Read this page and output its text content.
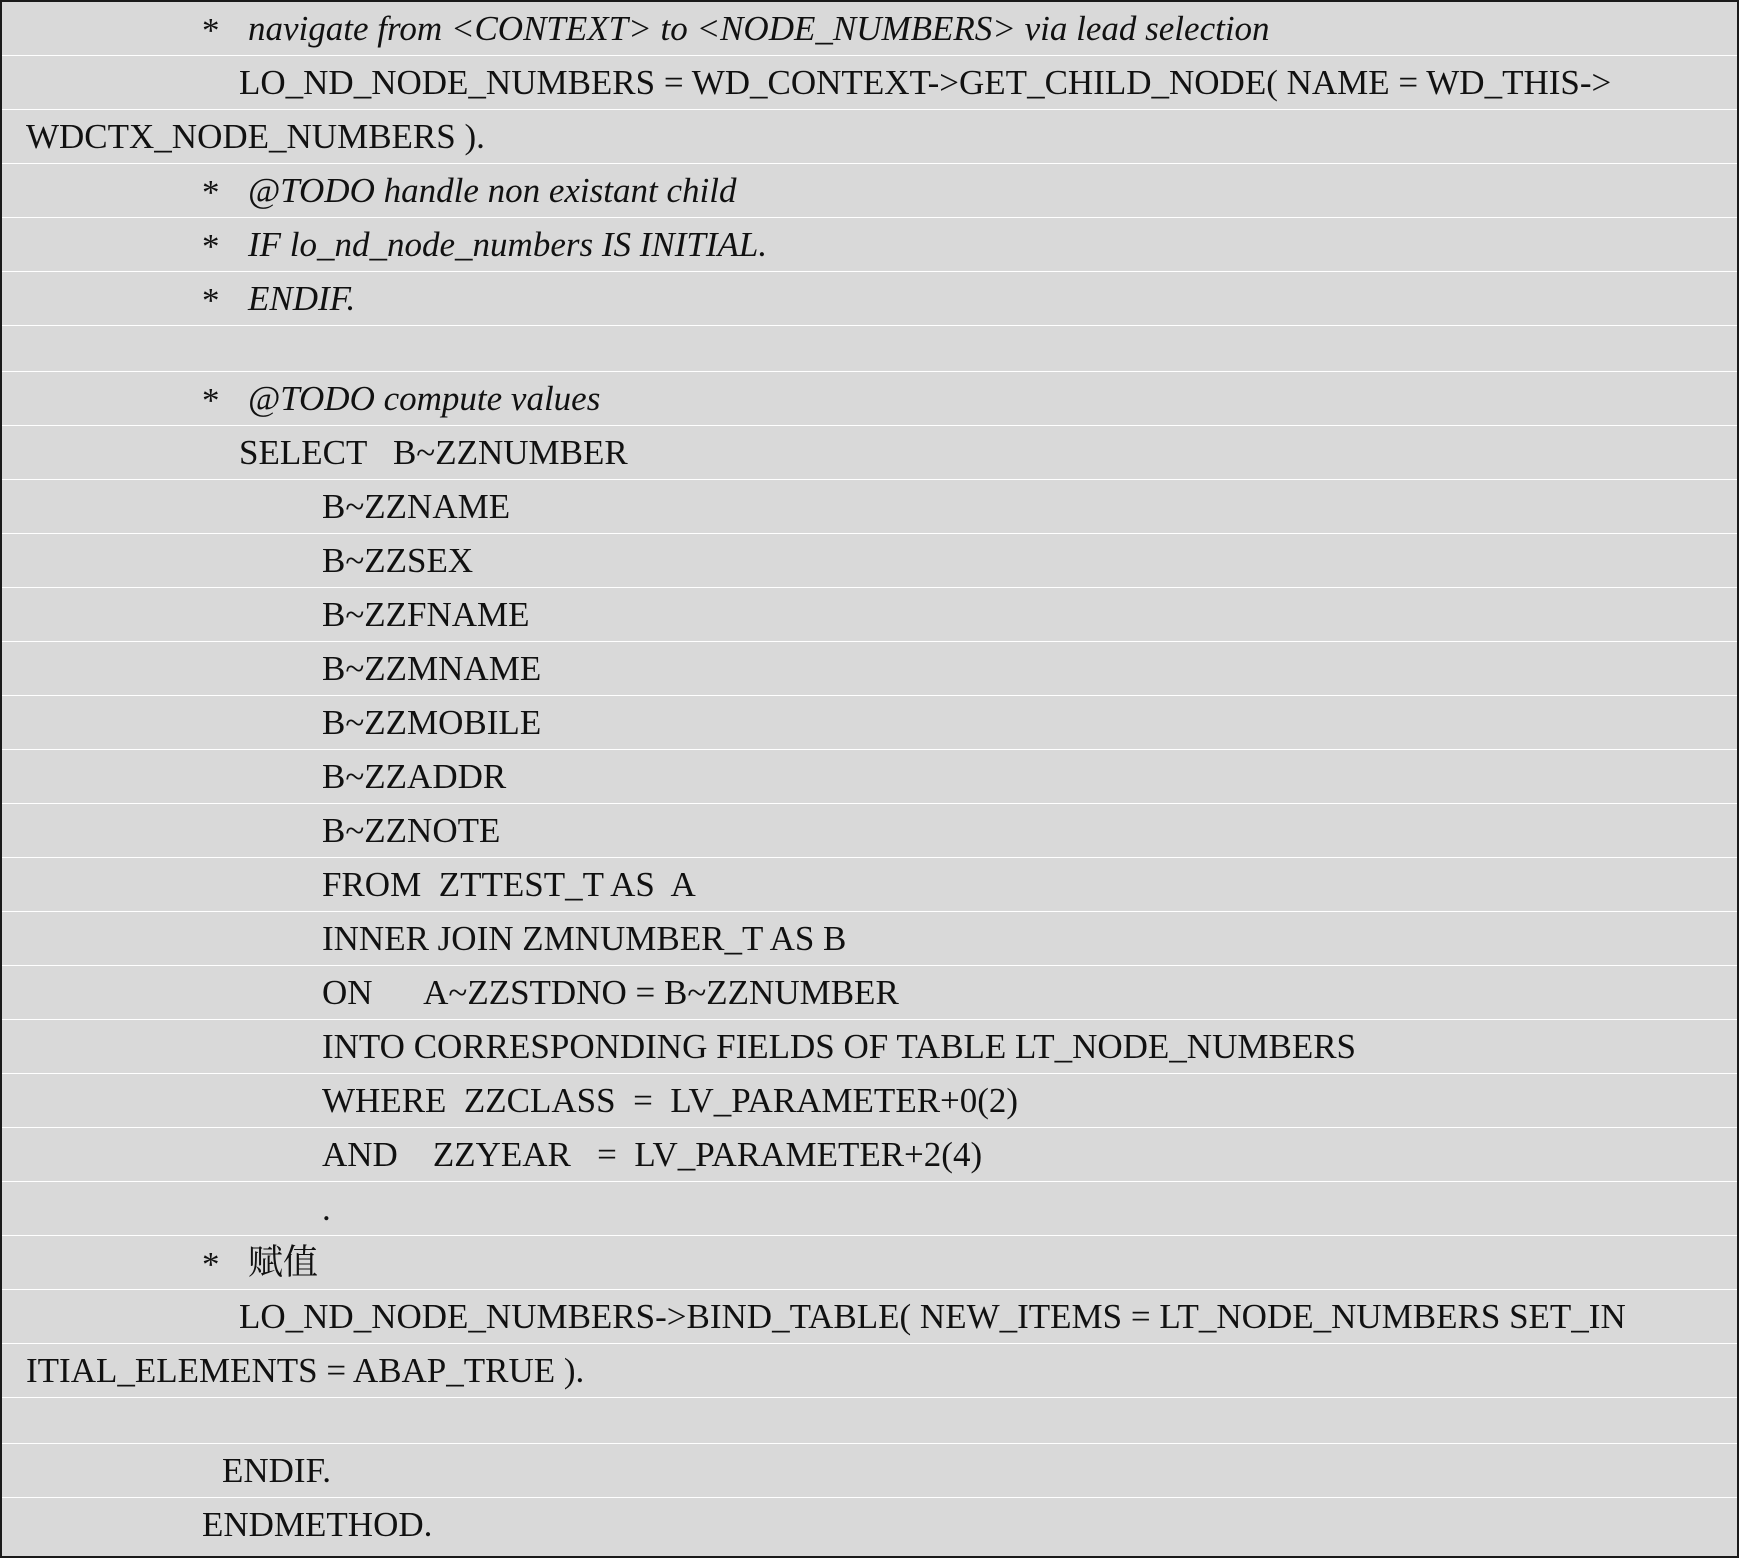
* navigate from <CONTEXT> to <NODE_NUMBERS> via lead selection
LO_ND_NODE_NUMBERS = WD_CONTEXT->GET_CHILD_NODE( NAME = WD_THIS->
WDCTX_NODE_NUMBERS ).
* @TODO handle non existant child
* IF lo_nd_node_numbers IS INITIAL.
* ENDIF.
* @TODO compute values
SELECT   B~ZZNUMBER
B~ZZNAME
B~ZZSEX
B~ZZFNAME
B~ZZMNAME
B~ZZMOBILE
B~ZZADDR
B~ZZNOTE
FROM  ZTTEST_T AS  A
INNER JOIN ZMNUMBER_T AS B
ON      A~ZZSTDNO = B~ZZNUMBER
INTO CORRESPONDING FIELDS OF TABLE LT_NODE_NUMBERS
WHERE  ZZCLASS  =  LV_PARAMETER+0(2)
AND    ZZYEAR   =  LV_PARAMETER+2(4)
.
* 赋值
LO_ND_NODE_NUMBERS->BIND_TABLE( NEW_ITEMS = LT_NODE_NUMBERS SET_IN
ITIAL_ELEMENTS = ABAP_TRUE ).
ENDIF.
ENDMETHOD.
